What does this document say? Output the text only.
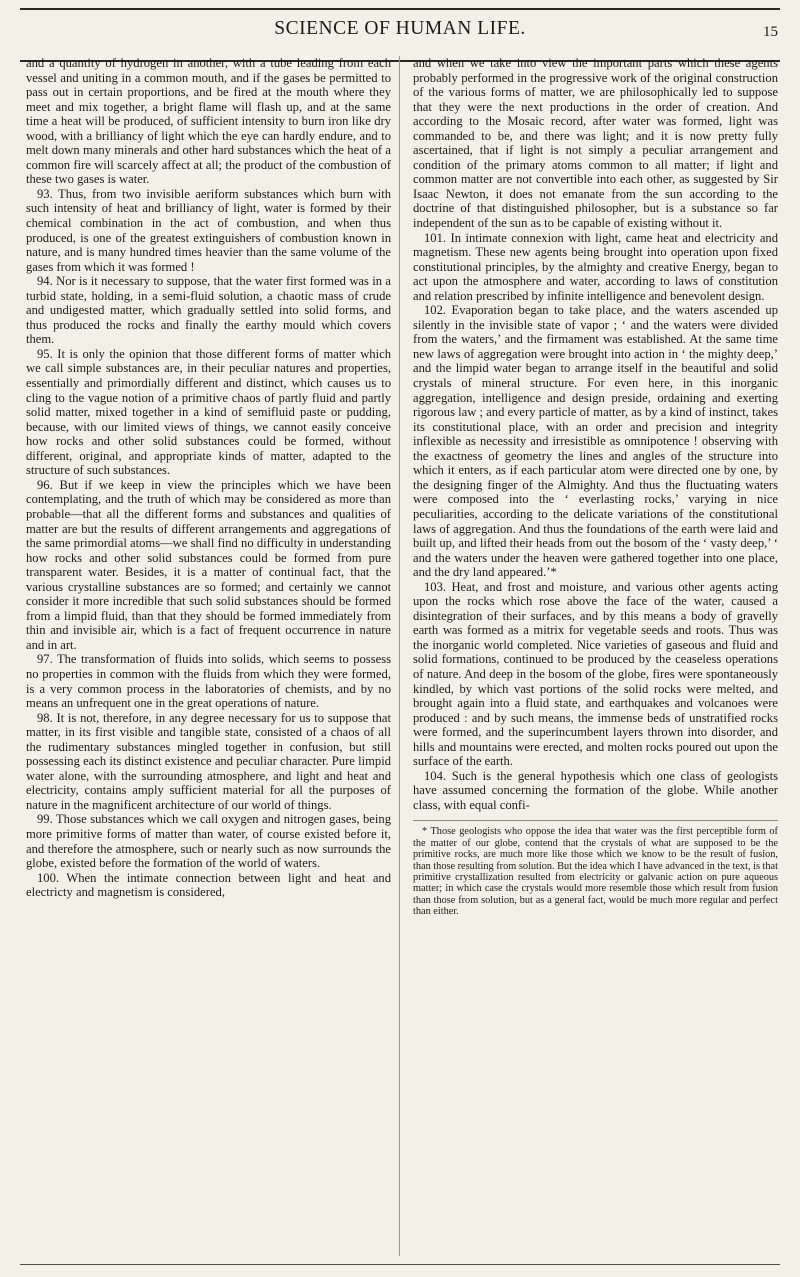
SCIENCE OF HUMAN LIFE.	15

and a quantity of hydrogen in another, with a tube leading from each vessel and uniting in a common mouth, and if the gases be permitted to pass out in certain proportions, and be fired at the mouth where they meet and mix together, a bright flame will flash up, and at the same time a heat will be produced, of sufficient intensity to burn iron like dry wood, with a brilliancy of light which the eye can hardly endure, and to melt down many minerals and other hard substances which the heat of a common fire will scarcely affect at all; the product of the combustion of these two gases is water.

93. Thus, from two invisible aeriform substances which burn with such intensity of heat and brilliancy of light, water is formed by their chemical combination in the act of combustion, and when thus produced, is one of the greatest extinguishers of combustion known in nature, and is many hundred times heavier than the same volume of the gases from which it was formed !

94. Nor is it necessary to suppose, that the water first formed was in a turbid state, holding, in a semi-fluid solution, a chaotic mass of crude and undigested matter, which gradually settled into solid forms, and thus produced the rocks and finally the earthy mould which covers them.

95. It is only the opinion that those different forms of matter which we call simple substances are, in their peculiar natures and properties, essentially and primordially different and distinct, which causes us to cling to the vague notion of a primitive chaos of partly fluid and partly solid matter, mixed together in a kind of semifluid paste or pudding, because, with our limited views of things, we cannot easily conceive how rocks and other solid substances could be formed, without different, original, and appropriate kinds of matter, adapted to the structure of such substances.

96. But if we keep in view the principles which we have been contemplating, and the truth of which may be considered as more than probable—that all the different forms and substances and qualities of matter are but the results of different arrangements and aggregations of the same primordial atoms—we shall find no difficulty in understanding how rocks and other solid substances could be formed from pure transparent water. Besides, it is a matter of continual fact, that the various crystalline substances are so formed; and certainly we cannot consider it more incredible that such solid substances should be formed from a limpid fluid, than that they should be formed immediately from thin and invisible air, which is a fact of frequent occurrence in nature and in art.

97. The transformation of fluids into solids, which seems to possess no properties in common with the fluids from which they were formed, is a very common process in the laboratories of chemists, and by no means an unfrequent one in the great operations of nature.

98. It is not, therefore, in any degree necessary for us to suppose that matter, in its first visible and tangible state, consisted of a chaos of all the rudimentary substances mingled together in confusion, but still possessing each its distinct existence and peculiar character. Pure limpid water alone, with the surrounding atmosphere, and light and heat and electricity, contains amply sufficient material for all the purposes of nature in the magnificent architecture of our world of things.

99. Those substances which we call oxygen and nitrogen gases, being more primitive forms of matter than water, of course existed before it, and therefore the atmosphere, such or nearly such as now surrounds the globe, existed before the formation of the world of waters.

100. When the intimate connection between light and heat and electricty and magnetism is considered,

and when we take into view the important parts which these agents probably performed in the progressive work of the original construction of the various forms of matter, we are philosophically led to suppose that they were the next productions in the order of creation. And according to the Mosaic record, after water was formed, light was commanded to be, and there was light; and it is now pretty fully ascertained, that if light is not simply a peculiar arrangement and condition of the primary atoms common to all matter; if light and common matter are not convertible into each other, as suggested by Sir Isaac Newton, it does not emanate from the sun according to the doctrine of that distinguished philosopher, but is a substance so far independent of the sun as to be capable of existing without it.

101. In intimate connexion with light, came heat and electricity and magnetism. These new agents being brought into operation upon fixed constitutional principles, by the almighty and creative Energy, began to act upon the atmosphere and water, according to laws of constitution and relation prescribed by infinite intelligence and benevolent design.

102. Evaporation began to take place, and the waters ascended up silently in the invisible state of vapor ; ‘ and the waters were divided from the waters,’ and the firmament was established. At the same time new laws of aggregation were brought into action in ‘ the mighty deep,’ and the limpid water began to arrange itself in the beautiful and solid crystals of mineral structure. For even here, in this inorganic aggregation, intelligence and design preside, ordaining and exerting rigorous law ; and every particle of matter, as by a kind of instinct, takes its constitutional place, with an order and precision and integrity inflexible as necessity and irresistible as omnipotence ! observing with the exactness of geometry the lines and angles of the structure into which it enters, as if each particular atom were directed one by one, by the designing finger of the Almighty. And thus the fluctuating waters were composed into the ‘ everlasting rocks,’ varying in nice peculiarities, according to the delicate variations of the constitutional laws of aggregation. And thus the foundations of the earth were laid and built up, and lifted their heads from out the bosom of the ‘ vasty deep,’ ‘ and the waters under the heaven were gathered together into one place, and the dry land appeared.’*

103. Heat, and frost and moisture, and various other agents acting upon the rocks which rose above the face of the water, caused a disintegration of their surfaces, and by this means a body of gravelly earth was formed as a mitrix for vegetable seeds and roots. Thus was the inorganic world completed. Nice varieties of gaseous and fluid and solid formations, continued to be produced by the ceaseless operations of nature. And deep in the bosom of the globe, fires were spontaneously kindled, by which vast portions of the solid rocks were melted, and brought again into a fluid state, and earthquakes and volcanoes were produced : and by such means, the immense beds of unstratified rocks were formed, and the superincumbent layers thrown into disorder, and hills and mountains were erected, and molten rocks poured out upon the surface of the earth.

104. Such is the general hypothesis which one class of geologists have assumed concerning the formation of the globe. While another class, with equal confi-

* Those geologists who oppose the idea that water was the first perceptible form of the matter of our globe, contend that the crystals of what are supposed to be the primitive rocks, are much more like those which we know to be the result of fusion, than those resulting from solution. But the idea which I have advanced in the text, is that primitive crystallization resulted from electricity or galvanic action on pure aqueous matter; in which case the crystals would more resemble those which result from fusion than those from solution, but as a general fact, would be much more regular and perfect than either.
